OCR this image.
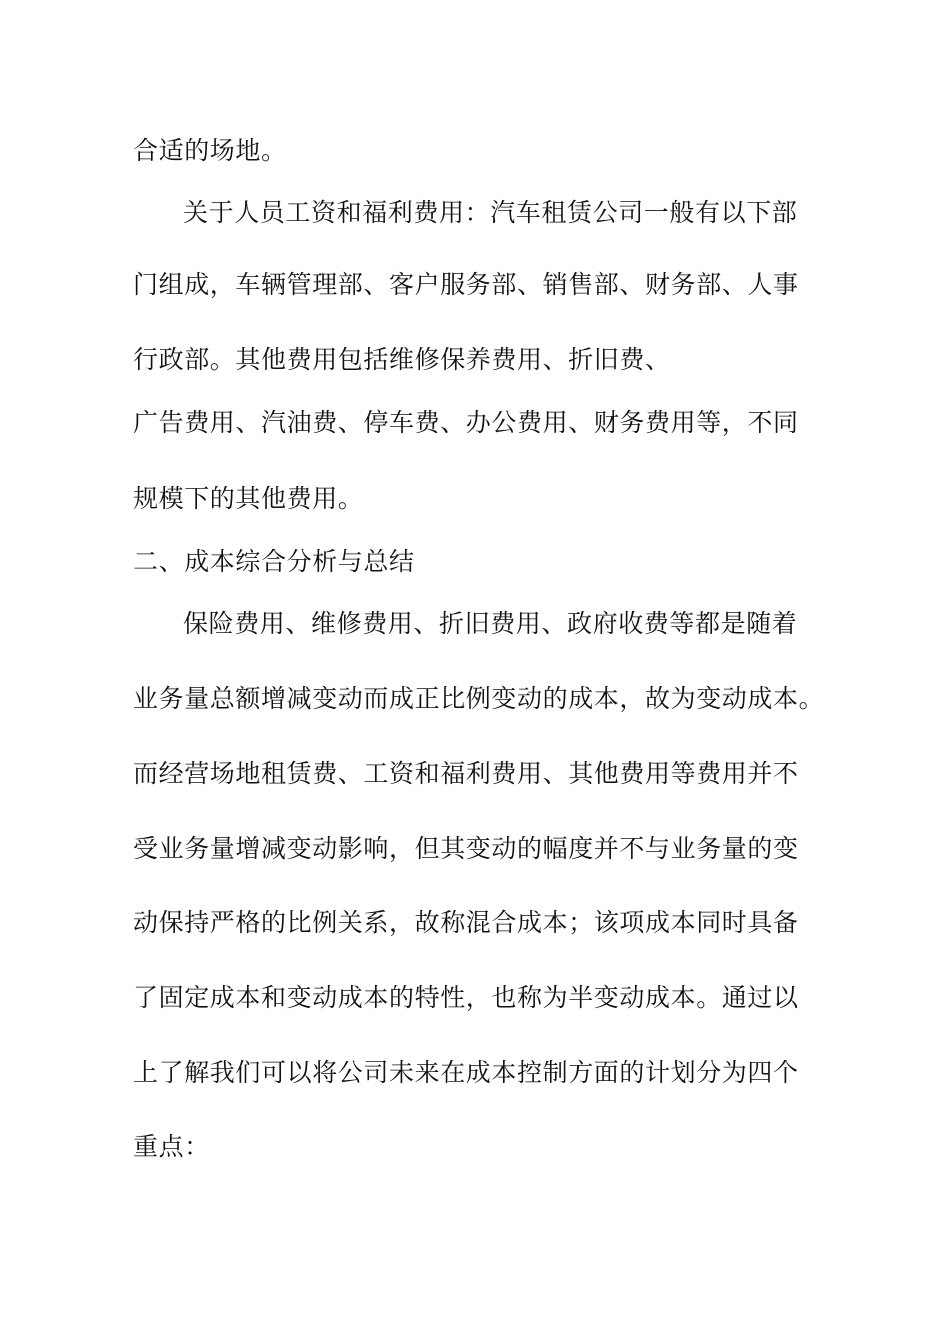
合适的场地。

关于人员工资和福利费用：汽车租赁公司一般有以下部

门组成，车辆管理部、客户服务部、销售部、财务部、人事

行政部。其他费用包括维修保养费用、折旧费、

广告费用、汽油费、停车费、办公费用、财务费用等，不同

规模下的其他费用。

二、成本综合分析与总结

保险费用、维修费用、折旧费用、政府收费等都是随着

业务量总额增减变动而成正比例变动的成本，故为变动成本。

而经营场地租赁费、工资和福利费用、其他费用等费用并不

受业务量增减变动影响，但其变动的幅度并不与业务量的变

动保持严格的比例关系，故称混合成本；该项成本同时具备

了固定成本和变动成本的特性，也称为半变动成本。通过以

上了解我们可以将公司未来在成本控制方面的计划分为四个

重点：
